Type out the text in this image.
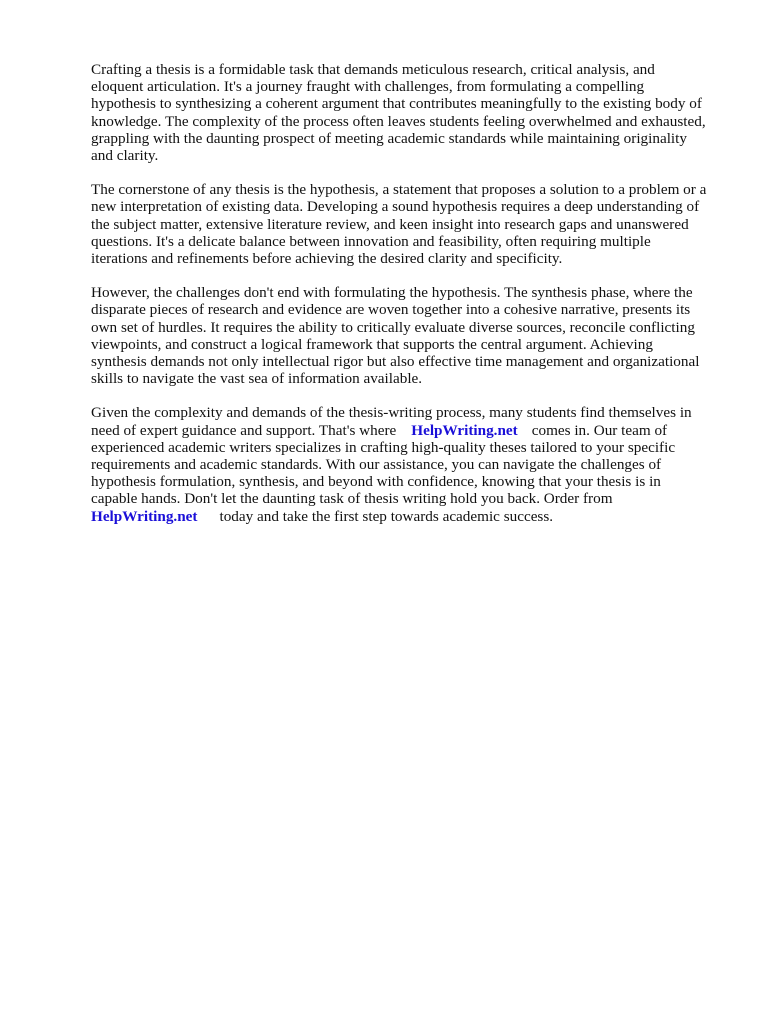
Crafting a thesis is a formidable task that demands meticulous research, critical analysis, and
eloquent articulation. It's a journey fraught with challenges, from formulating a compelling
hypothesis to synthesizing a coherent argument that contributes meaningfully to the existing body of
knowledge. The complexity of the process often leaves students feeling overwhelmed and exhausted,
grappling with the daunting prospect of meeting academic standards while maintaining originality
and clarity.

The cornerstone of any thesis is the hypothesis, a statement that proposes a solution to a problem or a
new interpretation of existing data. Developing a sound hypothesis requires a deep understanding of
the subject matter, extensive literature review, and keen insight into research gaps and unanswered
questions. It's a delicate balance between innovation and feasibility, often requiring multiple
iterations and refinements before achieving the desired clarity and specificity.

However, the challenges don't end with formulating the hypothesis. The synthesis phase, where the
disparate pieces of research and evidence are woven together into a cohesive narrative, presents its
own set of hurdles. It requires the ability to critically evaluate diverse sources, reconcile conflicting
viewpoints, and construct a logical framework that supports the central argument. Achieving
synthesis demands not only intellectual rigor but also effective time management and organizational
skills to navigate the vast sea of information available.

Given the complexity and demands of the thesis-writing process, many students find themselves in
need of expert guidance and support. That's where HelpWriting.net comes in. Our team of
experienced academic writers specializes in crafting high-quality theses tailored to your specific
requirements and academic standards. With our assistance, you can navigate the challenges of
hypothesis formulation, synthesis, and beyond with confidence, knowing that your thesis is in
capable hands. Don't let the daunting task of thesis writing hold you back. Order from
HelpWriting.net today and take the first step towards academic success.
